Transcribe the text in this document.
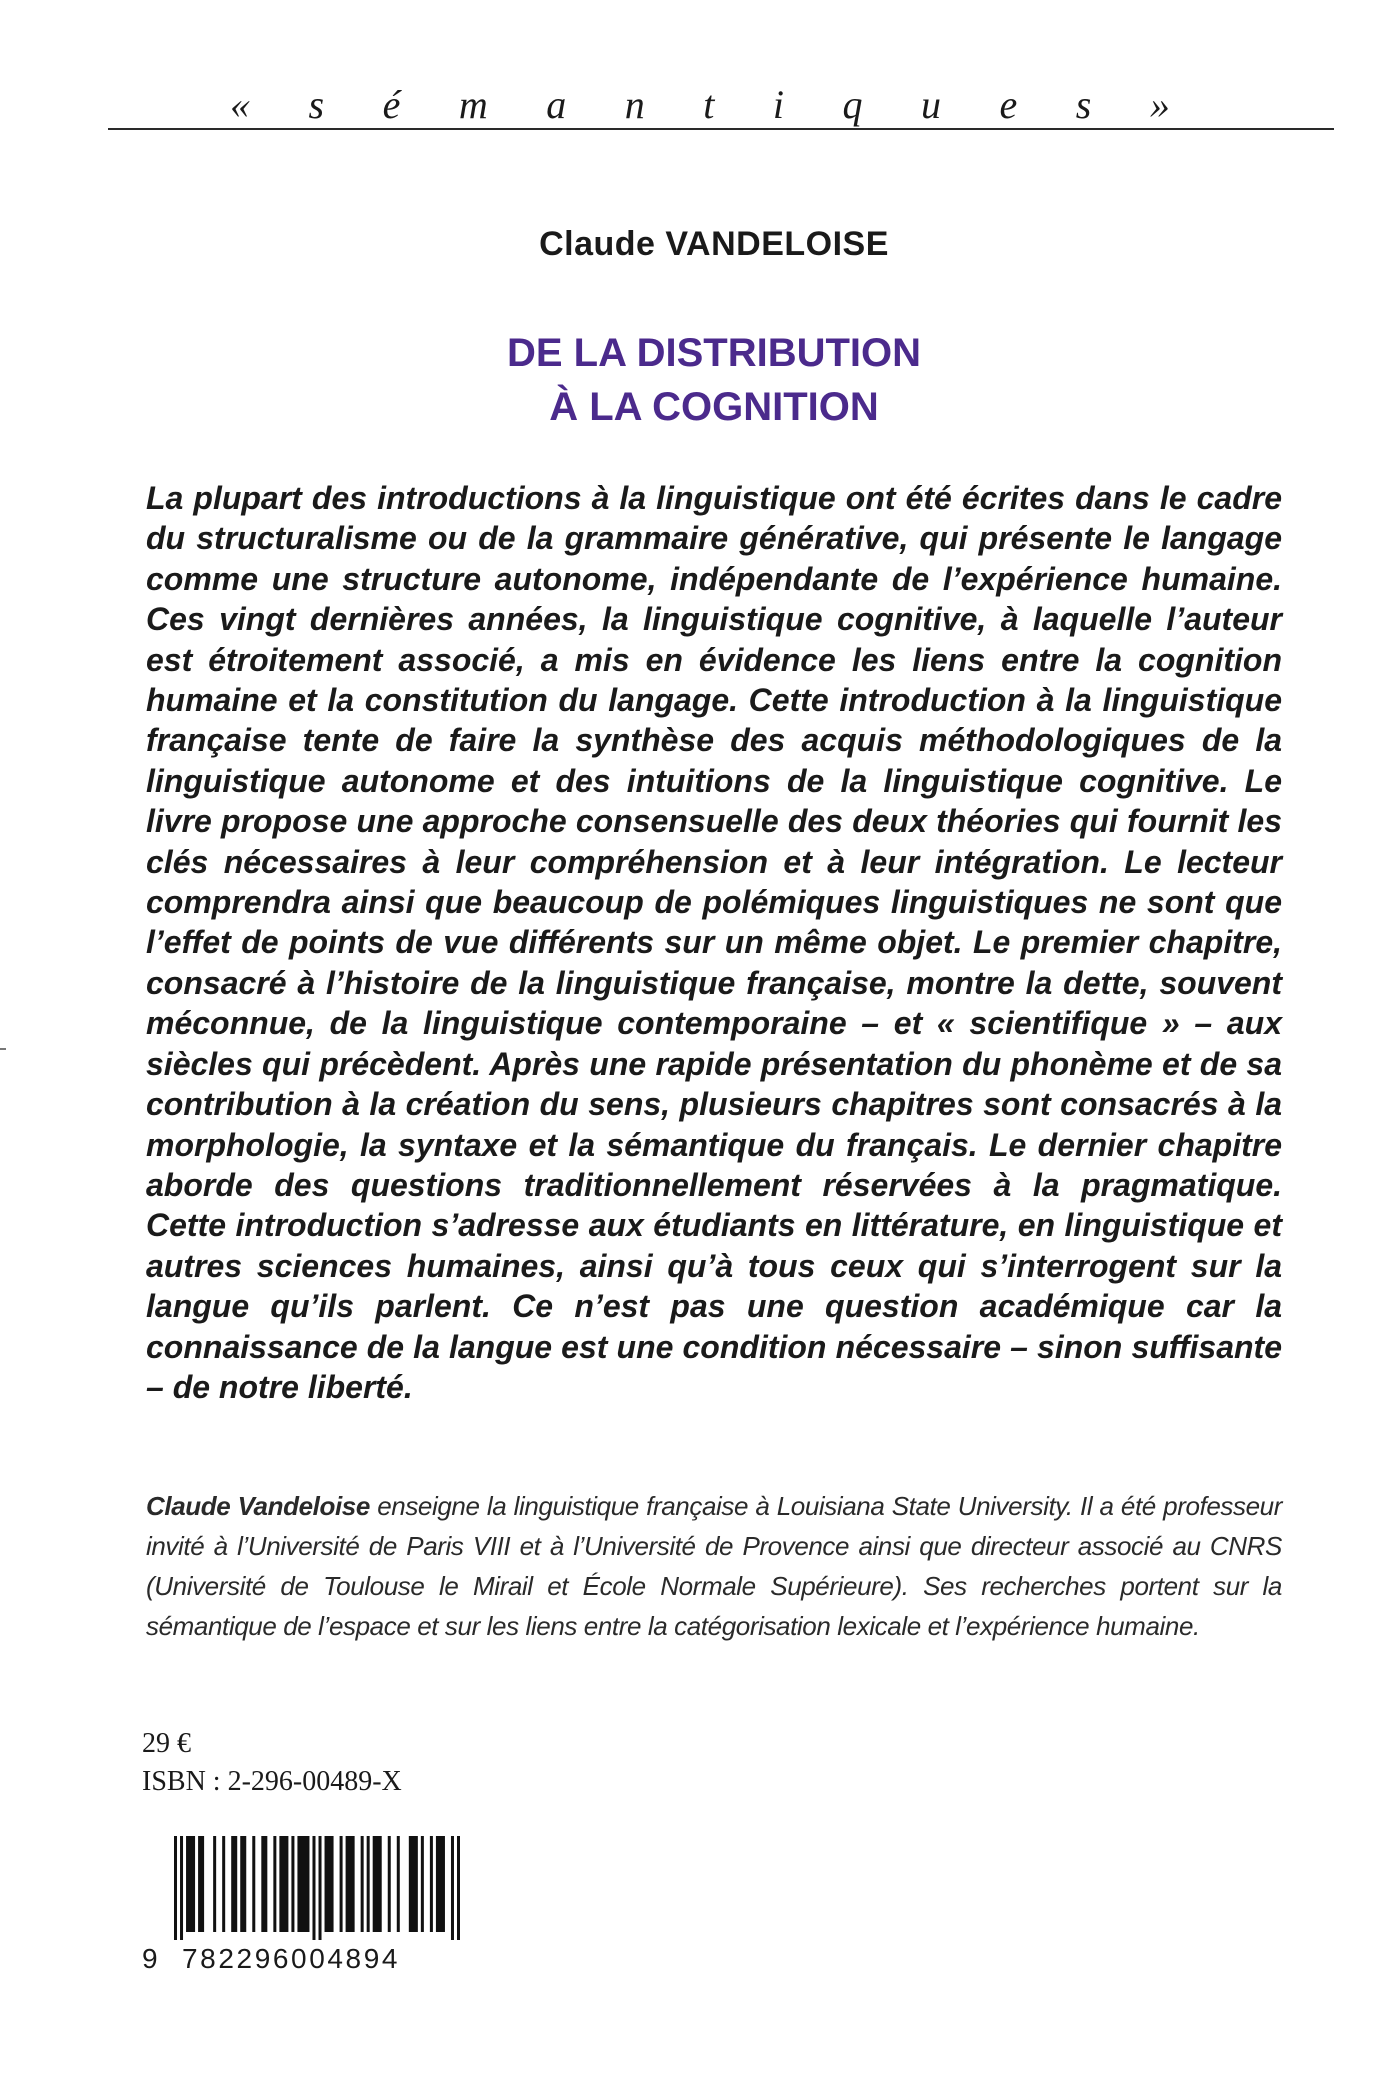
« s é m a n t i q u e s »
Claude VANDELOISE
DE LA DISTRIBUTION
À LA COGNITION

La plupart des introductions à la linguistique ont été écrites dans le cadre du structuralisme ou de la grammaire générative, qui présente le langage comme une structure autonome, indépendante de l’expérience humaine. Ces vingt dernières années, la linguistique cognitive, à laquelle l’auteur est étroitement associé, a mis en évidence les liens entre la cognition humaine et la constitution du langage. Cette introduction à la linguistique française tente de faire la synthèse des acquis méthodologiques de la linguistique autonome et des intuitions de la linguistique cognitive. Le livre propose une approche consensuelle des deux théories qui fournit les clés nécessaires à leur compréhension et à leur intégration. Le lecteur comprendra ainsi que beaucoup de polémiques linguistiques ne sont que l’effet de points de vue différents sur un même objet. Le premier chapitre, consacré à l’histoire de la linguistique française, montre la dette, souvent méconnue, de la linguistique contemporaine – et « scientifique » – aux siècles qui précèdent. Après une rapide présentation du phonème et de sa contribution à la création du sens, plusieurs chapitres sont consacrés à la morphologie, la syntaxe et la sémantique du français. Le dernier chapitre aborde des questions traditionnellement réservées à la pragmatique. Cette introduction s’adresse aux étudiants en littérature, en linguistique et autres sciences humaines, ainsi qu’à tous ceux qui s’interrogent sur la langue qu’ils parlent. Ce n’est pas une question académique car la connaissance de la langue est une condition nécessaire – sinon suffisante – de notre liberté.

Claude Vandeloise enseigne la linguistique française à Louisiana State University. Il a été professeur invité à l’Université de Paris VIII et à l’Université de Provence ainsi que directeur associé au CNRS (Université de Toulouse le Mirail et École Normale Supérieure). Ses recherches portent sur la sémantique de l’espace et sur les liens entre la catégorisation lexicale et l’expérience humaine.

29 €
ISBN : 2-296-00489-X
9 782296004894
